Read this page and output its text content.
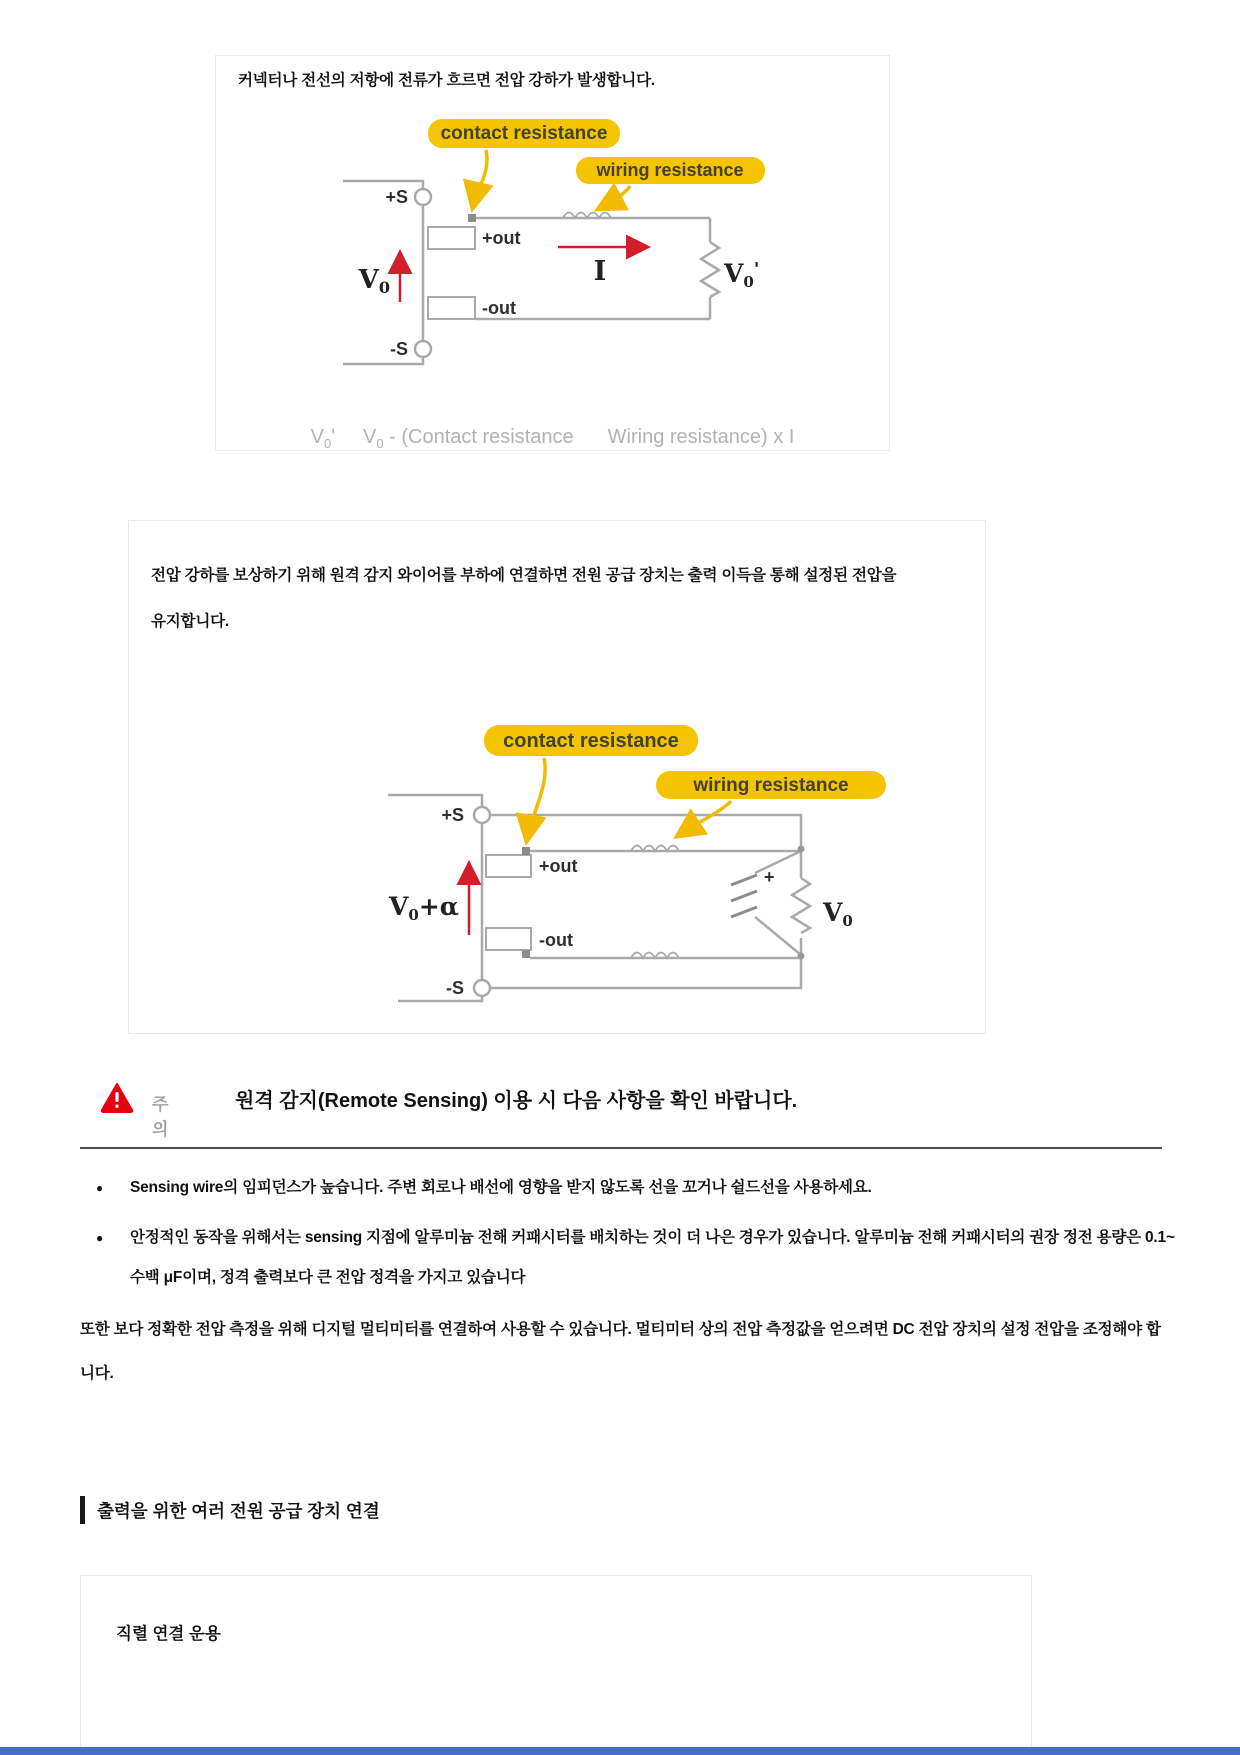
커넥터나 전선의 저항에 전류가 흐르면 전압 강하가 발생합니다.
contact resistance
wiring resistance
+S
-S
+out
-out
V0
I	$V_0'$
$V_0'$ $V_0$ - (Contact resistance Wiring resistance) x I
전압 강하를 보상하기 위해 원격 감지 와이어를 부하에 연결하면 전원 공급 장치는 출력 이득을 통해 설정된 전압을
유지합니다.
contact resistance
wiring resistance
+S
-S
+out
-out
$V_0+\alpha$
+
$V_0$
주의
원격 감지(Remote Sensing) 이용 시 다음 사항을 확인 바랍니다.
●	Sensing wire의 임피던스가 높습니다. 주변 회로나 배선에 영향을 받지 않도록 선을 꼬거나 쉴드선을 사용하세요.
●	안정적인 동작을 위해서는 sensing 지점에 알루미늄 전해 커패시터를 배치하는 것이 더 나은 경우가 있습니다. 알루미늄 전해 커패시터의 권장 정전 용량은 0.1~수백 μF이며, 정격 출력보다 큰 전압 정격을 가지고 있습니다
또한 보다 정확한 전압 측정을 위해 디지털 멀티미터를 연결하여 사용할 수 있습니다. 멀티미터 상의 전압 측정값을 얻으려면 DC 전압 장치의 설정 전압을 조정해야 합니다.
출력을 위한 여러 전원 공급 장치 연결
직렬 연결 운용
